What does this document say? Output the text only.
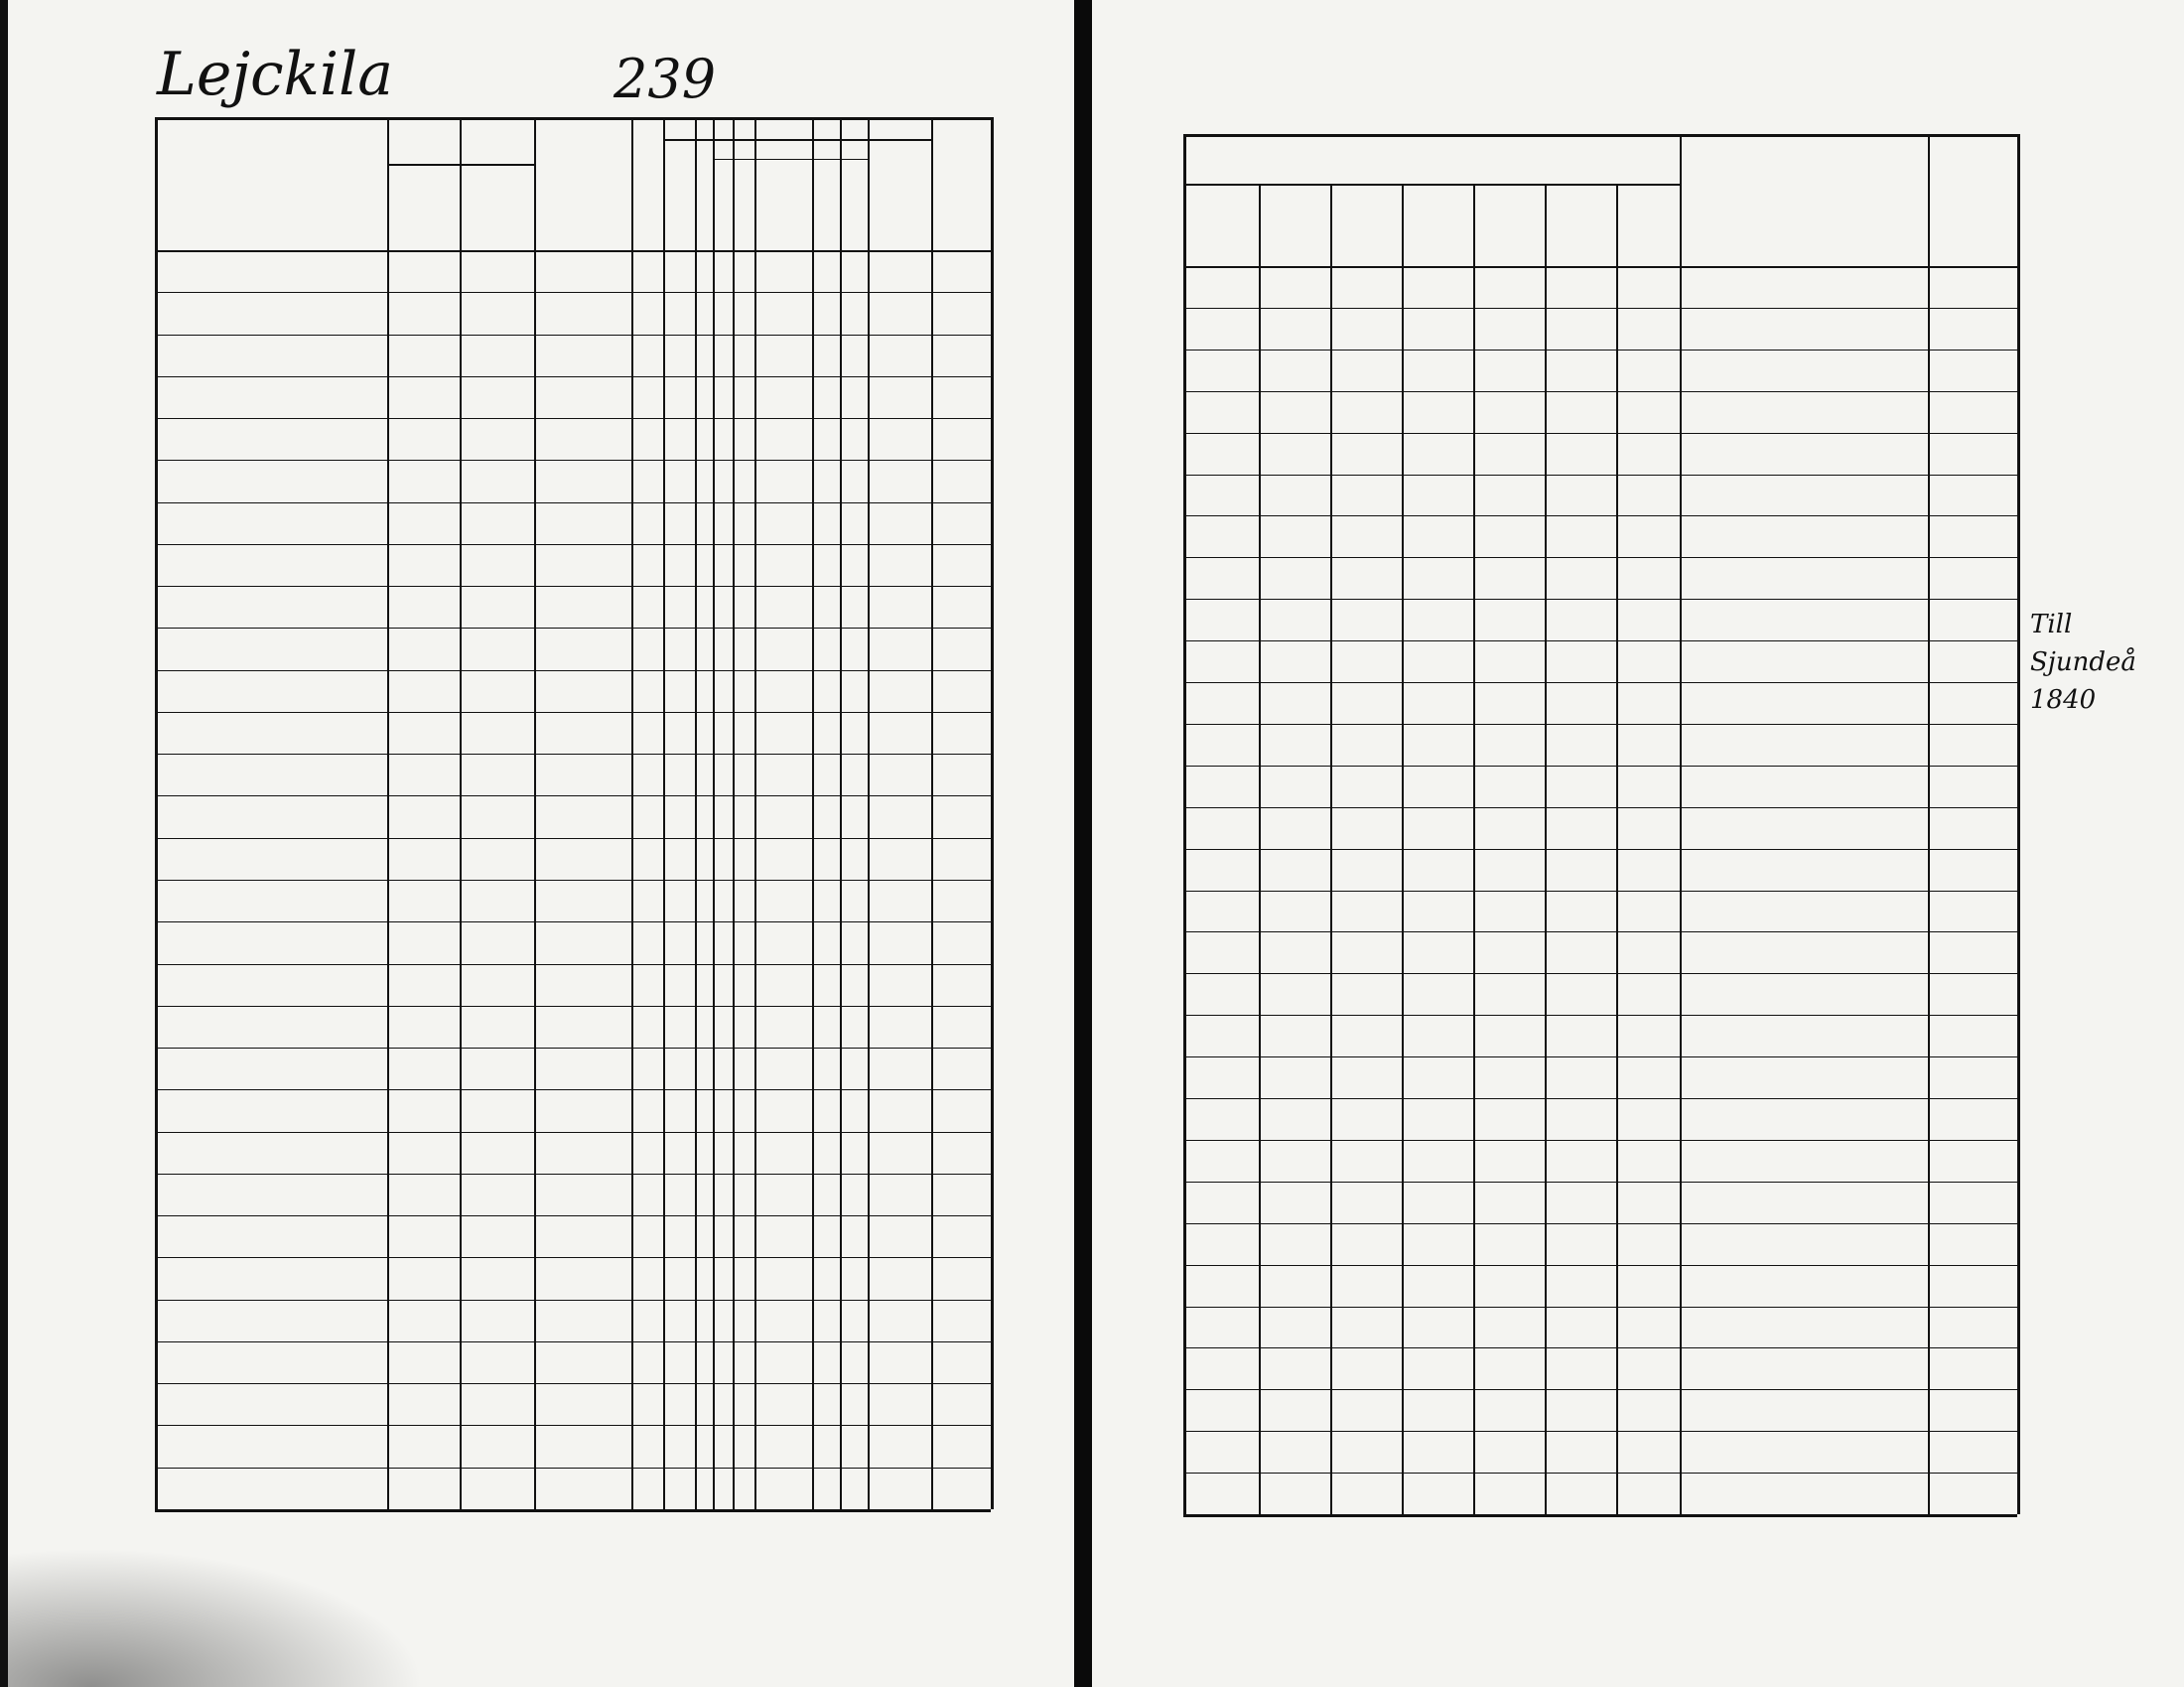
Lejckila	239
Till Sjundeå 1840
